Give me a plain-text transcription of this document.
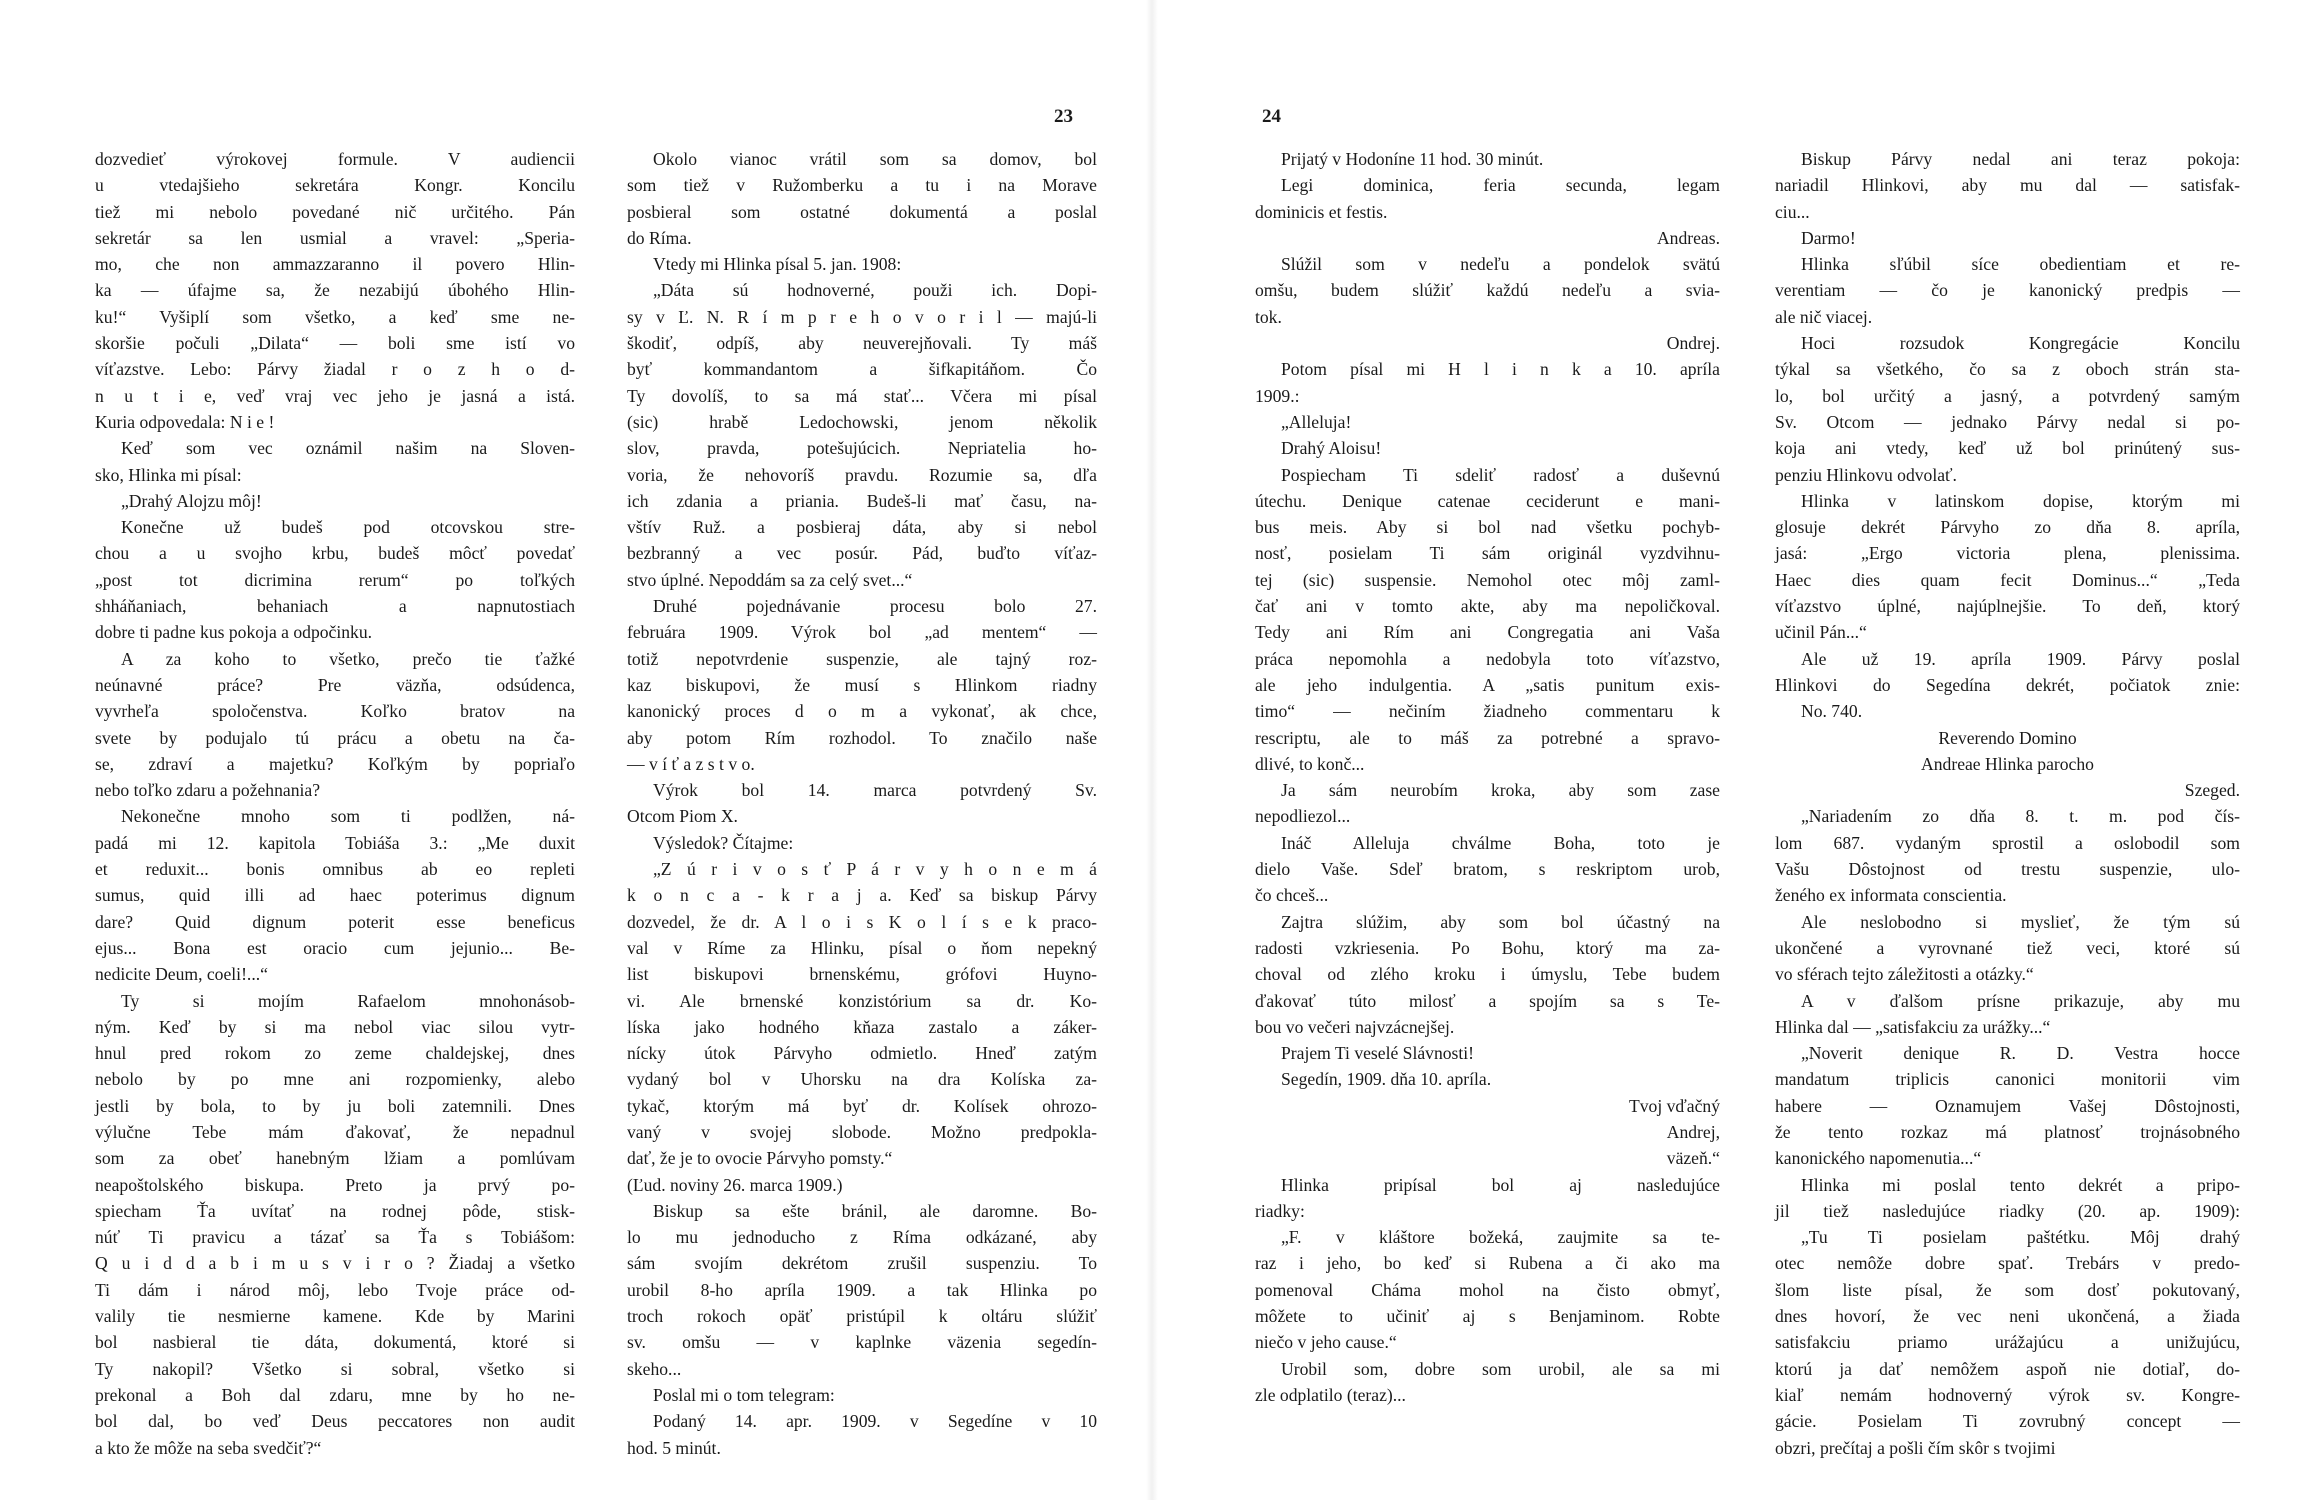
23
dozvedieť výrokovej formule. V audiencii
u vtedajšieho sekretára Kongr. Koncilu
tiež mi nebolo povedané nič určitého. Pán
sekretár sa len usmial a vravel: „Speria-
mo, che non ammazzaranno il povero Hlin-
ka — úfajme sa, že nezabijú úbohého Hlin-
ku!“ Vyšiplí som všetko, a keď sme ne-
skoršie počuli „Dilata“ — boli sme istí vo
víťazstve. Lebo: Párvy žiadal r o z h o d-
n u t i e, veď vraj vec jeho je jasná a istá.
Kuria odpovedala: N i e !
Keď som vec oznámil našim na Sloven-
sko, Hlinka mi písal:
„Drahý Alojzu môj!
Konečne už budeš pod otcovskou stre-
chou a u svojho krbu, budeš môcť povedať
„post tot dicrimina rerum“ po toľkých
shháňaniach, behaniach a napnutostiach
dobre ti padne kus pokoja a odpočinku.
A za koho to všetko, prečo tie ťažké
neúnavné práce? Pre väzňa, odsúdenca,
vyvrheľa spoločenstva. Koľko bratov na
svete by podujalo tú prácu a obetu na ča-
se, zdraví a majetku? Koľkým by popriaľo
nebo toľko zdaru a požehnania?
Nekonečne mnoho som ti podlžen, ná-
padá mi 12. kapitola Tobiáša 3.: „Me duxit
et reduxit... bonis omnibus ab eo repleti
sumus, quid illi ad haec poterimus dignum
dare? Quid dignum poterit esse beneficus
ejus... Bona est oracio cum jejunio... Be-
nedicite Deum, coeli!...“
Ty si mojím Rafaelom mnohonásob-
ným. Keď by si ma nebol viac silou vytr-
hnul pred rokom zo zeme chaldejskej, dnes
nebolo by po mne ani rozpomienky, alebo
jestli by bola, to by ju boli zatemnili. Dnes
výlučne Tebe mám ďakovať, že nepadnul
som za obeť hanebným lžiam a pomlúvam
neapoštolského biskupa. Preto ja prvý po-
spiecham Ťa uvítať na rodnej pôde, stisk-
núť Ti pravicu a tázať sa Ťa s Tobiášom:
Q u i d d a b i m u s v i r o ? Žiadaj a všetko
Ti dám i národ môj, lebo Tvoje práce od-
valily tie nesmierne kamene. Kde by Marini
bol nasbieral tie dáta, dokumentá, ktoré si
Ty nakopil? Všetko si sobral, všetko si
prekonal a Boh dal zdaru, mne by ho ne-
bol dal, bo veď Deus peccatores non audit
a kto že môže na seba svedčiť?“
Okolo vianoc vrátil som sa domov, bol
som tiež v Ružomberku a tu i na Morave
posbieral som ostatné dokumentá a poslal
do Ríma.
Vtedy mi Hlinka písal 5. jan. 1908:
„Dáta sú hodnoverné, použi ich. Dopi-
sy v Ľ. N. R í m p r e h o v o r i l — majú-li
škodiť, odpíš, aby neuverejňovali. Ty máš
byť kommandantom a šifkapitáňom. Čo
Ty dovolíš, to sa má stať... Včera mi písal
(sic) hrabě Ledochowski, jenom několik
slov, pravda, potešujúcich. Nepriatelia ho-
voria, že nehovoríš pravdu. Rozumie sa, dľa
ich zdania a priania. Budeš-li mať času, na-
vštív Ruž. a posbieraj dáta, aby si nebol
bezbranný a vec posúr. Pád, buďto víťaz-
stvo úplné. Nepoddám sa za celý svet...“
Druhé pojednávanie procesu bolo 27.
februára 1909. Výrok bol „ad mentem“ —
totiž nepotvrdenie suspenzie, ale tajný roz-
kaz biskupovi, že musí s Hlinkom riadny
kanonický proces d o m a vykonať, ak chce,
aby potom Rím rozhodol. To značilo naše
— v í ť a z s t v o.
Výrok bol 14. marca potvrdený Sv.
Otcom Piom X.
Výsledok? Čítajme:
„Z ú r i v o s ť P á r v y h o n e m á
k o n c a - k r a j a. Keď sa biskup Párvy
dozvedel, že dr. A l o i s K o l í s e k praco-
val v Ríme za Hlinku, písal o ňom nepekný
list biskupovi brnenskému, grófovi Huyno-
vi. Ale brnenské konzistórium sa dr. Ko-
líska jako hodného kňaza zastalo a záker-
nícky útok Párvyho odmietlo. Hneď zatým
vydaný bol v Uhorsku na dra Kolíska za-
tykač, ktorým má byť dr. Kolísek ohrozo-
vaný v svojej slobode. Možno predpokla-
dať, že je to ovocie Párvyho pomsty.“
(Ľud. noviny 26. marca 1909.)
Biskup sa ešte bránil, ale daromne. Bo-
lo mu jednoducho z Ríma odkázané, aby
sám svojím dekrétom zrušil suspenziu. To
urobil 8-ho apríla 1909. a tak Hlinka po
troch rokoch opäť pristúpil k oltáru slúžiť
sv. omšu — v kaplnke väzenia segedín-
skeho...
Poslal mi o tom telegram:
Podaný 14. apr. 1909. v Segedíne v 10
hod. 5 minút.
24
Prijatý v Hodoníne 11 hod. 30 minút.
Legi dominica, feria secunda, legam
dominicis et festis.
Andreas.
Slúžil som v nedeľu a pondelok svätú
omšu, budem slúžiť každú nedeľu a svia-
tok.
Ondrej.
Potom písal mi H l i n k a 10. apríla
1909.:
„Alleluja!
Drahý Aloisu!
Pospiecham Ti sdeliť radosť a duševnú
útechu. Denique catenae ceciderunt e mani-
bus meis. Aby si bol nad všetku pochyb-
nosť, posielam Ti sám originál vyzdvihnu-
tej (sic) suspensie. Nemohol otec môj zaml-
čať ani v tomto akte, aby ma nepoličkoval.
Tedy ani Rím ani Congregatia ani Vaša
práca nepomohla a nedobyla toto víťazstvo,
ale jeho indulgentia. A „satis punitum exis-
timo“ — nečiním žiadneho commentaru k
rescriptu, ale to máš za potrebné a spravo-
dlivé, to konč...
Ja sám neurobím kroka, aby som zase
nepodliezol...
Ináč Alleluja chválme Boha, toto je
dielo Vaše. Sdeľ bratom, s reskriptom urob,
čo chceš...
Zajtra slúžim, aby som bol účastný na
radosti vzkriesenia. Po Bohu, ktorý ma za-
choval od zlého kroku i úmyslu, Tebe budem
ďakovať túto milosť a spojím sa s Te-
bou vo večeri najvzácnejšej.
Prajem Ti veselé Slávnosti!
Segedín, 1909. dňa 10. apríla.
Tvoj vďačný
Andrej,
väzeň.“
Hlinka pripísal bol aj nasledujúce
riadky:
„F. v kláštore božeká, zaujmite sa te-
raz i jeho, bo keď si Rubena a či ako ma
pomenoval Cháma mohol na čisto obmyť,
môžete to učiniť aj s Benjaminom. Robte
niečo v jeho cause.“
Urobil som, dobre som urobil, ale sa mi
zle odplatilo (teraz)...
Biskup Párvy nedal ani teraz pokoja:
nariadil Hlinkovi, aby mu dal — satisfak-
ciu...
Darmo!
Hlinka sľúbil síce obedientiam et re-
verentiam — čo je kanonický predpis —
ale nič viacej.
Hoci rozsudok Kongregácie Koncilu
týkal sa všetkého, čo sa z oboch strán sta-
lo, bol určitý a jasný, a potvrdený samým
Sv. Otcom — jednako Párvy nedal si po-
koja ani vtedy, keď už bol prinútený sus-
penziu Hlinkovu odvolať.
Hlinka v latinskom dopise, ktorým mi
glosuje dekrét Párvyho zo dňa 8. apríla,
jasá: „Ergo victoria plena, plenissima.
Haec dies quam fecit Dominus...“ „Teda
víťazstvo úplné, najúplnejšie. To deň, ktorý
učinil Pán...“
Ale už 19. apríla 1909. Párvy poslal
Hlinkovi do Segedína dekrét, počiatok znie:
No. 740.
Reverendo Domino
Andreae Hlinka parocho
Szeged.
„Nariadením zo dňa 8. t. m. pod čís-
lom 687. vydaným sprostil a oslobodil som
Vašu Dôstojnost od trestu suspenzie, ulo-
ženého ex informata conscientia.
Ale neslobodno si myslieť, že tým sú
ukončené a vyrovnané tiež veci, ktoré sú
vo sférach tejto záležitosti a otázky.“
A v ďalšom prísne prikazuje, aby mu
Hlinka dal — „satisfakciu za urážky...“
„Noverit denique R. D. Vestra hocce
mandatum triplicis canonici monitorii vim
habere — Oznamujem Vašej Dôstojnosti,
že tento rozkaz má platnosť trojnásobného
kanonického napomenutia...“
Hlinka mi poslal tento dekrét a pripo-
jil tiež nasledujúce riadky (20. ap. 1909):
„Tu Ti posielam paštétku. Môj drahý
otec nemôže dobre spať. Trebárs v predo-
šlom liste písal, že som dosť pokutovaný,
dnes hovorí, že vec neni ukončená, a žiada
satisfakciu priamo urážajúcu a unižujúcu,
ktorú ja dať nemôžem aspoň nie dotiaľ, do-
kiaľ nemám hodnoverný výrok sv. Kongre-
gácie. Posielam Ti zovrubný concept —
obzri, prečítaj a pošli čím skôr s tvojimi
